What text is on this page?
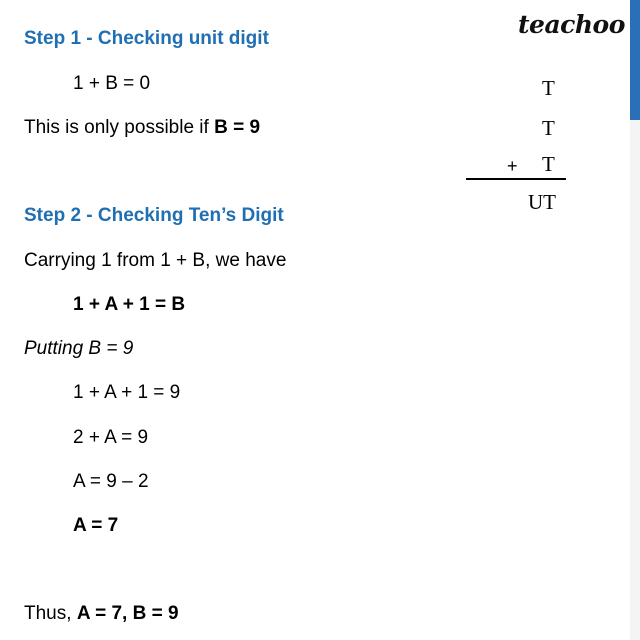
teachoo
Step 1 - Checking unit digit
1 + B = 0
This is only possible if B = 9
Step 2 - Checking Ten’s Digit
Carrying 1 from 1 + B, we have
1 + A + 1 = B
Putting B = 9
1 + A + 1 = 9
2 + A = 9
A = 9 – 2
A = 7
Thus, A = 7, B = 9
T
T
+ T
UT
